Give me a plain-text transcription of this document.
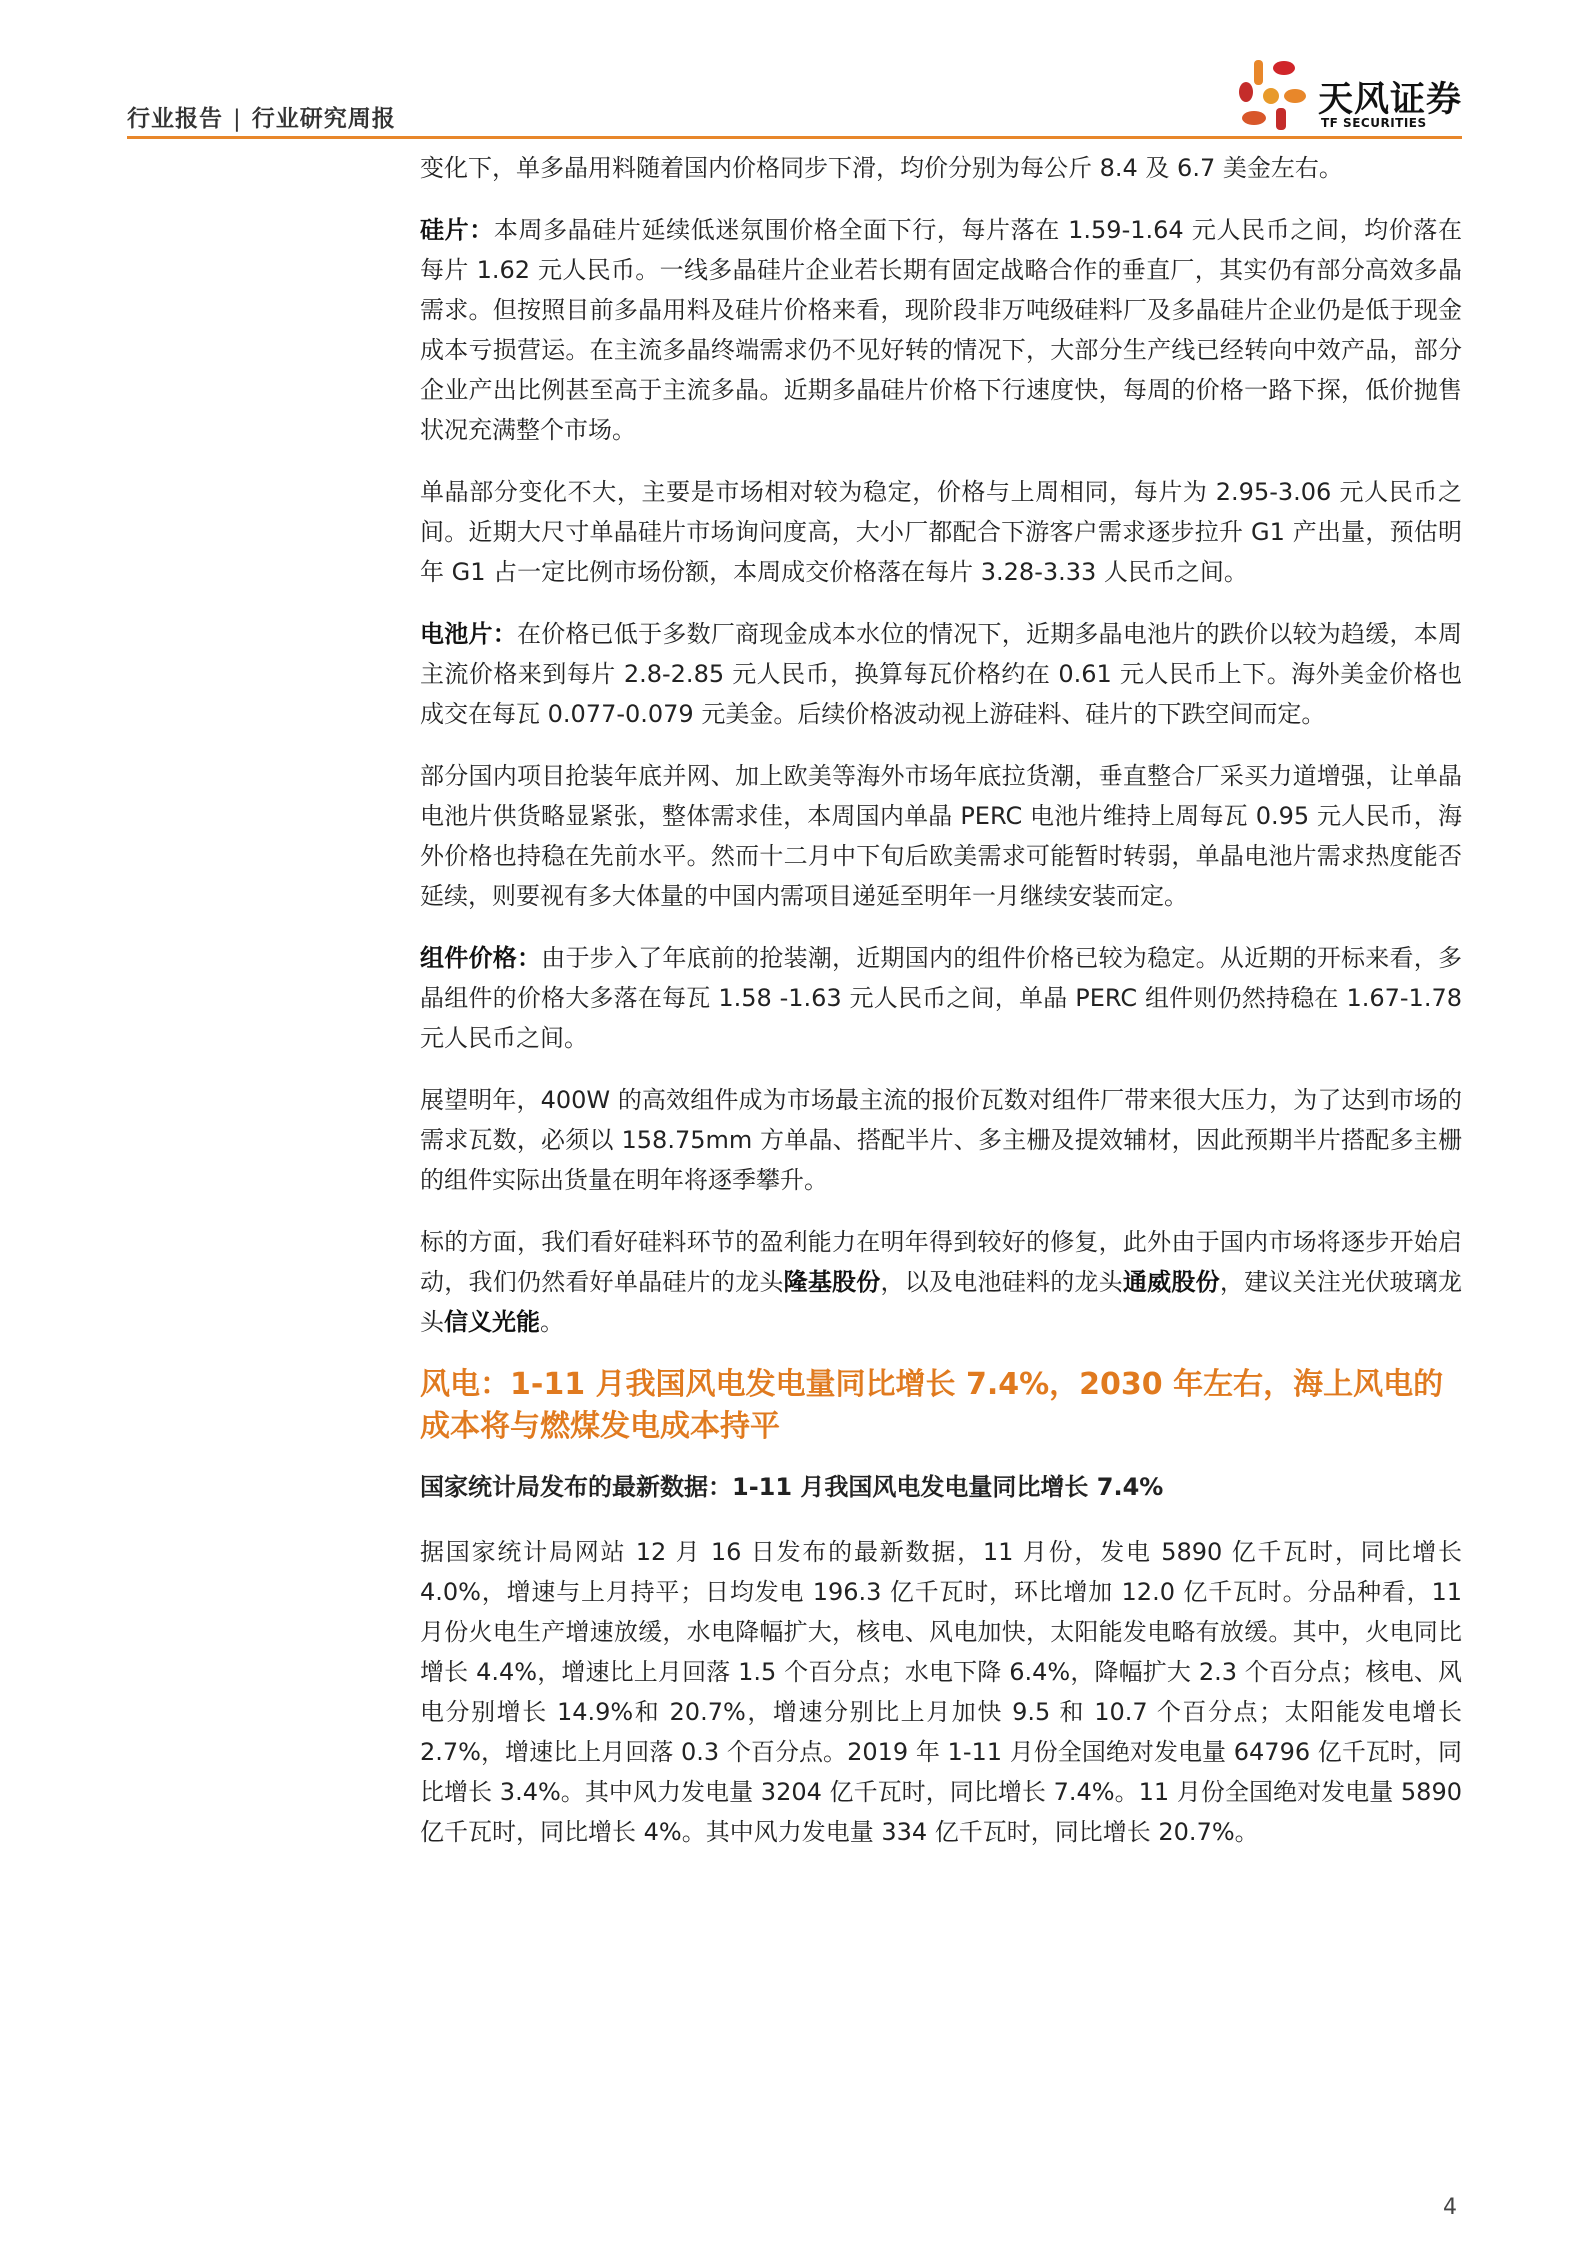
行业报告 | 行业研究周报	天风证券
TF SECURITIES

变化下，单多晶用料随着国内价格同步下滑，均价分别为每公斤 8.4 及 6.7 美金左右。

硅片：本周多晶硅片延续低迷氛围价格全面下行，每片落在 1.59-1.64 元人民币之间，均价落在每片 1.62 元人民币。一线多晶硅片企业若长期有固定战略合作的垂直厂，其实仍有部分高效多晶需求。但按照目前多晶用料及硅片价格来看，现阶段非万吨级硅料厂及多晶硅片企业仍是低于现金成本亏损营运。在主流多晶终端需求仍不见好转的情况下，大部分生产线已经转向中效产品，部分企业产出比例甚至高于主流多晶。近期多晶硅片价格下行速度快，每周的价格一路下探，低价抛售状况充满整个市场。

单晶部分变化不大，主要是市场相对较为稳定，价格与上周相同，每片为 2.95-3.06 元人民币之间。近期大尺寸单晶硅片市场询问度高，大小厂都配合下游客户需求逐步拉升 G1 产出量，预估明年 G1 占一定比例市场份额，本周成交价格落在每片 3.28-3.33 人民币之间。

电池片：在价格已低于多数厂商现金成本水位的情况下，近期多晶电池片的跌价以较为趋缓，本周主流价格来到每片 2.8-2.85 元人民币，换算每瓦价格约在 0.61 元人民币上下。海外美金价格也成交在每瓦 0.077-0.079 元美金。后续价格波动视上游硅料、硅片的下跌空间而定。

部分国内项目抢装年底并网、加上欧美等海外市场年底拉货潮，垂直整合厂采买力道增强，让单晶电池片供货略显紧张，整体需求佳，本周国内单晶 PERC 电池片维持上周每瓦 0.95 元人民币，海外价格也持稳在先前水平。然而十二月中下旬后欧美需求可能暂时转弱，单晶电池片需求热度能否延续，则要视有多大体量的中国内需项目递延至明年一月继续安装而定。

组件价格：由于步入了年底前的抢装潮，近期国内的组件价格已较为稳定。从近期的开标来看，多晶组件的价格大多落在每瓦 1.58 -1.63 元人民币之间，单晶 PERC 组件则仍然持稳在 1.67-1.78 元人民币之间。

展望明年，400W 的高效组件成为市场最主流的报价瓦数对组件厂带来很大压力，为了达到市场的需求瓦数，必须以 158.75mm 方单晶、搭配半片、多主栅及提效辅材，因此预期半片搭配多主栅的组件实际出货量在明年将逐季攀升。

标的方面，我们看好硅料环节的盈利能力在明年得到较好的修复，此外由于国内市场将逐步开始启动，我们仍然看好单晶硅片的龙头隆基股份，以及电池硅料的龙头通威股份，建议关注光伏玻璃龙头信义光能。

风电：1-11 月我国风电发电量同比增长 7.4%，2030 年左右，海上风电的成本将与燃煤发电成本持平
国家统计局发布的最新数据：1-11 月我国风电发电量同比增长 7.4%

据国家统计局网站 12 月 16 日发布的最新数据，11 月份，发电 5890 亿千瓦时，同比增长 4.0%，增速与上月持平；日均发电 196.3 亿千瓦时，环比增加 12.0 亿千瓦时。分品种看，11 月份火电生产增速放缓，水电降幅扩大，核电、风电加快，太阳能发电略有放缓。其中，火电同比增长 4.4%，增速比上月回落 1.5 个百分点；水电下降 6.4%，降幅扩大 2.3 个百分点；核电、风电分别增长 14.9%和 20.7%，增速分别比上月加快 9.5 和 10.7 个百分点；太阳能发电增长 2.7%，增速比上月回落 0.3 个百分点。2019 年 1-11 月份全国绝对发电量 64796 亿千瓦时，同比增长 3.4%。其中风力发电量 3204 亿千瓦时，同比增长 7.4%。11 月份全国绝对发电量 5890 亿千瓦时，同比增长 4%。其中风力发电量 334 亿千瓦时，同比增长 20.7%。

4
